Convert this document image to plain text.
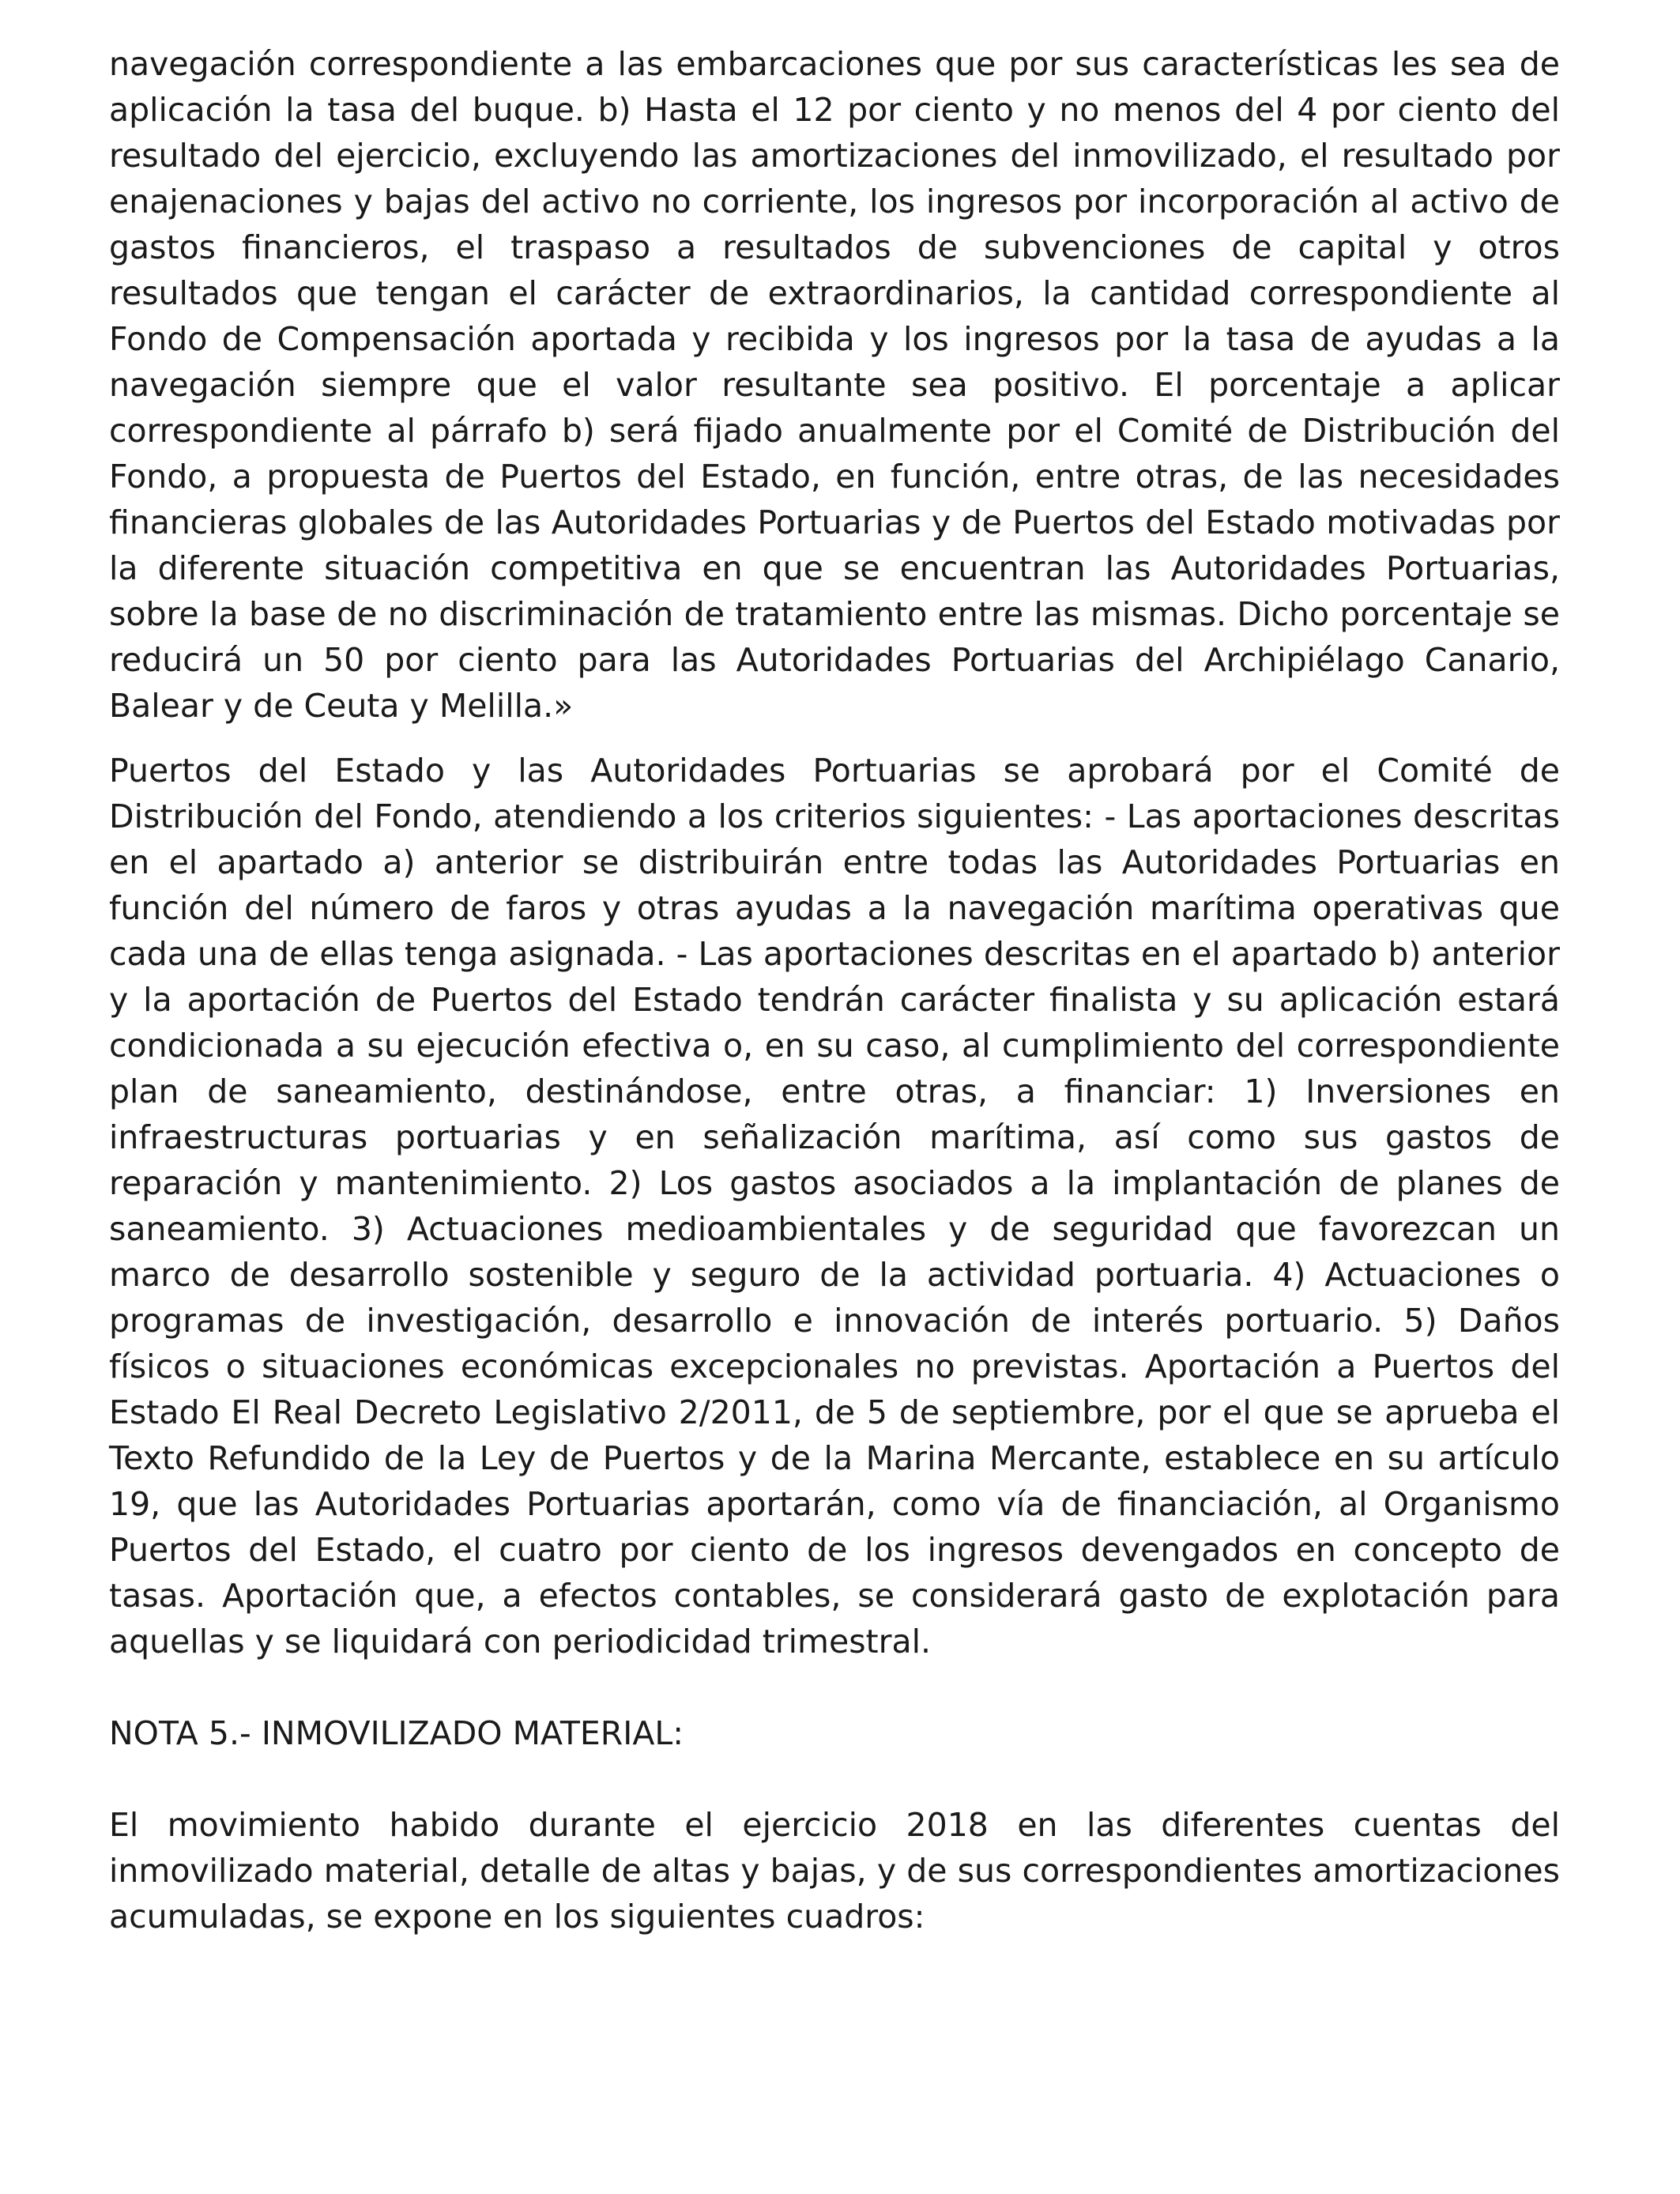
navegación correspondiente a las embarcaciones que por sus características les sea de aplicación la tasa del buque. b) Hasta el 12 por ciento y no menos del 4 por ciento del resultado del ejercicio, excluyendo las amortizaciones del inmovilizado, el resultado por enajenaciones y bajas del activo no corriente, los ingresos por incorporación al activo de gastos financieros, el traspaso a resultados de subvenciones de capital y otros resultados que tengan el carácter de extraordinarios, la cantidad correspondiente al Fondo de Compensación aportada y recibida y los ingresos por la tasa de ayudas a la navegación siempre que el valor resultante sea positivo. El porcentaje a aplicar correspondiente al párrafo b) será fijado anualmente por el Comité de Distribución del Fondo, a propuesta de Puertos del Estado, en función, entre otras, de las necesidades financieras globales de las Autoridades Portuarias y de Puertos del Estado motivadas por la diferente situación competitiva en que se encuentran las Autoridades Portuarias, sobre la base de no discriminación de tratamiento entre las mismas. Dicho porcentaje se reducirá un 50 por ciento para las Autoridades Portuarias del Archipiélago Canario, Balear y de Ceuta y Melilla.»

Puertos del Estado y las Autoridades Portuarias se aprobará por el Comité de Distribución del Fondo, atendiendo a los criterios siguientes: - Las aportaciones descritas en el apartado a) anterior se distribuirán entre todas las Autoridades Portuarias en función del número de faros y otras ayudas a la navegación marítima operativas que cada una de ellas tenga asignada. - Las aportaciones descritas en el apartado b) anterior y la aportación de Puertos del Estado tendrán carácter finalista y su aplicación estará condicionada a su ejecución efectiva o, en su caso, al cumplimiento del correspondiente plan de saneamiento, destinándose, entre otras, a financiar: 1) Inversiones en infraestructuras portuarias y en señalización marítima, así como sus gastos de reparación y mantenimiento. 2) Los gastos asociados a la implantación de planes de saneamiento. 3) Actuaciones medioambientales y de seguridad que favorezcan un marco de desarrollo sostenible y seguro de la actividad portuaria. 4) Actuaciones o programas de investigación, desarrollo e innovación de interés portuario. 5) Daños físicos o situaciones económicas excepcionales no previstas. Aportación a Puertos del Estado El Real Decreto Legislativo 2/2011, de 5 de septiembre, por el que se aprueba el Texto Refundido de la Ley de Puertos y de la Marina Mercante, establece en su artículo 19, que las Autoridades Portuarias aportarán, como vía de financiación, al Organismo Puertos del Estado, el cuatro por ciento de los ingresos devengados en concepto de tasas. Aportación que, a efectos contables, se considerará gasto de explotación para aquellas y se liquidará con periodicidad trimestral.

NOTA 5.- INMOVILIZADO MATERIAL:

El movimiento habido durante el ejercicio 2018 en las diferentes cuentas del inmovilizado material, detalle de altas y bajas, y de sus correspondientes amortizaciones acumuladas, se expone en los siguientes cuadros:
